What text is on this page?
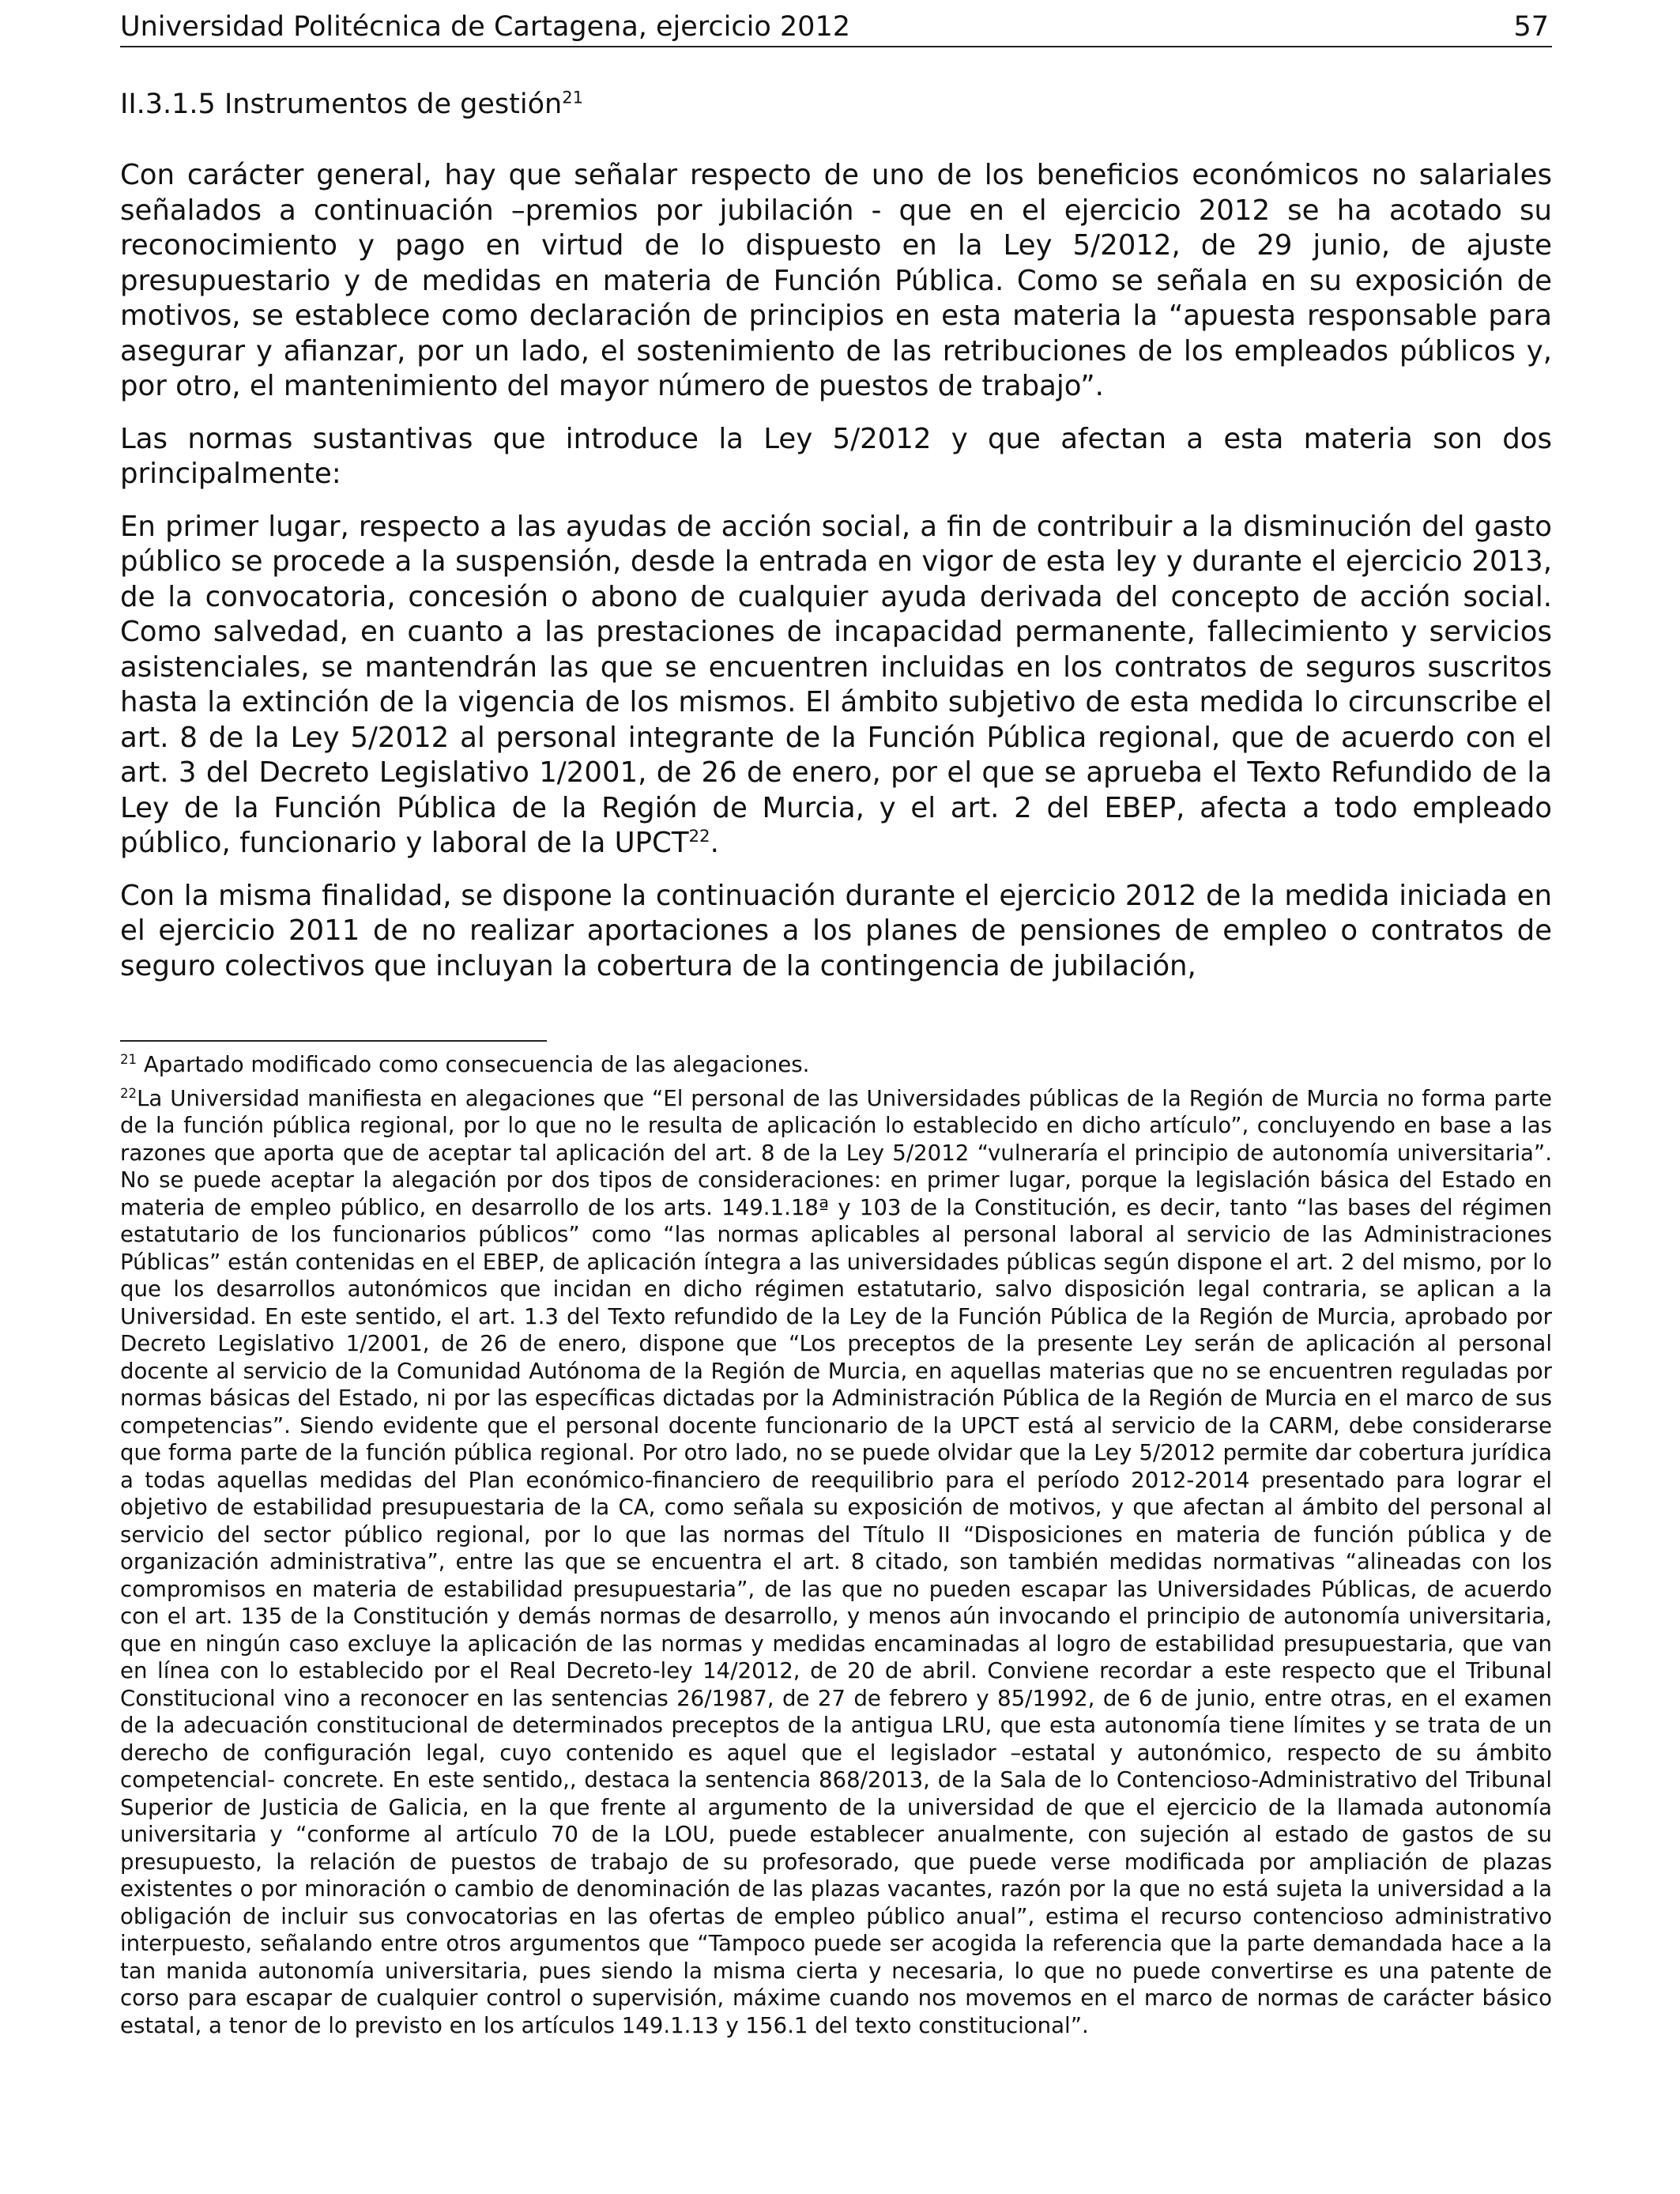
Universidad Politécnica de Cartagena, ejercicio 2012	57
II.3.1.5 Instrumentos de gestión$^{21}$

Con carácter general, hay que señalar respecto de uno de los beneficios económicos no salariales señalados a continuación –premios por jubilación - que en el ejercicio 2012 se ha acotado su reconocimiento y pago en virtud de lo dispuesto en la Ley 5/2012, de 29 junio, de ajuste presupuestario y de medidas en materia de Función Pública. Como se señala en su exposición de motivos, se establece como declaración de principios en esta materia la “apuesta responsable para asegurar y afianzar, por un lado, el sostenimiento de las retribuciones de los empleados públicos y, por otro, el mantenimiento del mayor número de puestos de trabajo”.

Las normas sustantivas que introduce la Ley 5/2012 y que afectan a esta materia son dos principalmente:

En primer lugar, respecto a las ayudas de acción social, a fin de contribuir a la disminución del gasto público se procede a la suspensión, desde la entrada en vigor de esta ley y durante el ejercicio 2013, de la convocatoria, concesión o abono de cualquier ayuda derivada del concepto de acción social. Como salvedad, en cuanto a las prestaciones de incapacidad permanente, fallecimiento y servicios asistenciales, se mantendrán las que se encuentren incluidas en los contratos de seguros suscritos hasta la extinción de la vigencia de los mismos. El ámbito subjetivo de esta medida lo circunscribe el art. 8 de la Ley 5/2012 al personal integrante de la Función Pública regional, que de acuerdo con el art. 3 del Decreto Legislativo 1/2001, de 26 de enero, por el que se aprueba el Texto Refundido de la Ley de la Función Pública de la Región de Murcia, y el art. 2 del EBEP, afecta a todo empleado público, funcionario y laboral de la UPCT$^{22}$.

Con la misma finalidad, se dispone la continuación durante el ejercicio 2012 de la medida iniciada en el ejercicio 2011 de no realizar aportaciones a los planes de pensiones de empleo o contratos de seguro colectivos que incluyan la cobertura de la contingencia de jubilación,

$^{21}$ Apartado modificado como consecuencia de las alegaciones.

$^{22}$La Universidad manifiesta en alegaciones que “El personal de las Universidades públicas de la Región de Murcia no forma parte de la función pública regional, por lo que no le resulta de aplicación lo establecido en dicho artículo”, concluyendo en base a las razones que aporta que de aceptar tal aplicación del art. 8 de la Ley 5/2012 “vulneraría el principio de autonomía universitaria”. No se puede aceptar la alegación por dos tipos de consideraciones: en primer lugar, porque la legislación básica del Estado en materia de empleo público, en desarrollo de los arts. 149.1.18ª y 103 de la Constitución, es decir, tanto “las bases del régimen estatutario de los funcionarios públicos” como “las normas aplicables al personal laboral al servicio de las Administraciones Públicas” están contenidas en el EBEP, de aplicación íntegra a las universidades públicas según dispone el art. 2 del mismo, por lo que los desarrollos autonómicos que incidan en dicho régimen estatutario, salvo disposición legal contraria, se aplican a la Universidad. En este sentido, el art. 1.3 del Texto refundido de la Ley de la Función Pública de la Región de Murcia, aprobado por Decreto Legislativo 1/2001, de 26 de enero, dispone que “Los preceptos de la presente Ley serán de aplicación al personal docente al servicio de la Comunidad Autónoma de la Región de Murcia, en aquellas materias que no se encuentren reguladas por normas básicas del Estado, ni por las específicas dictadas por la Administración Pública de la Región de Murcia en el marco de sus competencias”. Siendo evidente que el personal docente funcionario de la UPCT está al servicio de la CARM, debe considerarse que forma parte de la función pública regional. Por otro lado, no se puede olvidar que la Ley 5/2012 permite dar cobertura jurídica a todas aquellas medidas del Plan económico-financiero de reequilibrio para el período 2012-2014 presentado para lograr el objetivo de estabilidad presupuestaria de la CA, como señala su exposición de motivos, y que afectan al ámbito del personal al servicio del sector público regional, por lo que las normas del Título II “Disposiciones en materia de función pública y de organización administrativa”, entre las que se encuentra el art. 8 citado, son también medidas normativas “alineadas con los compromisos en materia de estabilidad presupuestaria”, de las que no pueden escapar las Universidades Públicas, de acuerdo con el art. 135 de la Constitución y demás normas de desarrollo, y menos aún invocando el principio de autonomía universitaria, que en ningún caso excluye la aplicación de las normas y medidas encaminadas al logro de estabilidad presupuestaria, que van en línea con lo establecido por el Real Decreto-ley 14/2012, de 20 de abril. Conviene recordar a este respecto que el Tribunal Constitucional vino a reconocer en las sentencias 26/1987, de 27 de febrero y 85/1992, de 6 de junio, entre otras, en el examen de la adecuación constitucional de determinados preceptos de la antigua LRU, que esta autonomía tiene límites y se trata de un derecho de configuración legal, cuyo contenido es aquel que el legislador –estatal y autonómico, respecto de su ámbito competencial- concrete. En este sentido,, destaca la sentencia 868/2013, de la Sala de lo Contencioso-Administrativo del Tribunal Superior de Justicia de Galicia, en la que frente al argumento de la universidad de que el ejercicio de la llamada autonomía universitaria y “conforme al artículo 70 de la LOU, puede establecer anualmente, con sujeción al estado de gastos de su presupuesto, la relación de puestos de trabajo de su profesorado, que puede verse modificada por ampliación de plazas existentes o por minoración o cambio de denominación de las plazas vacantes, razón por la que no está sujeta la universidad a la obligación de incluir sus convocatorias en las ofertas de empleo público anual”, estima el recurso contencioso administrativo interpuesto, señalando entre otros argumentos que “Tampoco puede ser acogida la referencia que la parte demandada hace a la tan manida autonomía universitaria, pues siendo la misma cierta y necesaria, lo que no puede convertirse es una patente de corso para escapar de cualquier control o supervisión, máxime cuando nos movemos en el marco de normas de carácter básico estatal, a tenor de lo previsto en los artículos 149.1.13 y 156.1 del texto constitucional”.
